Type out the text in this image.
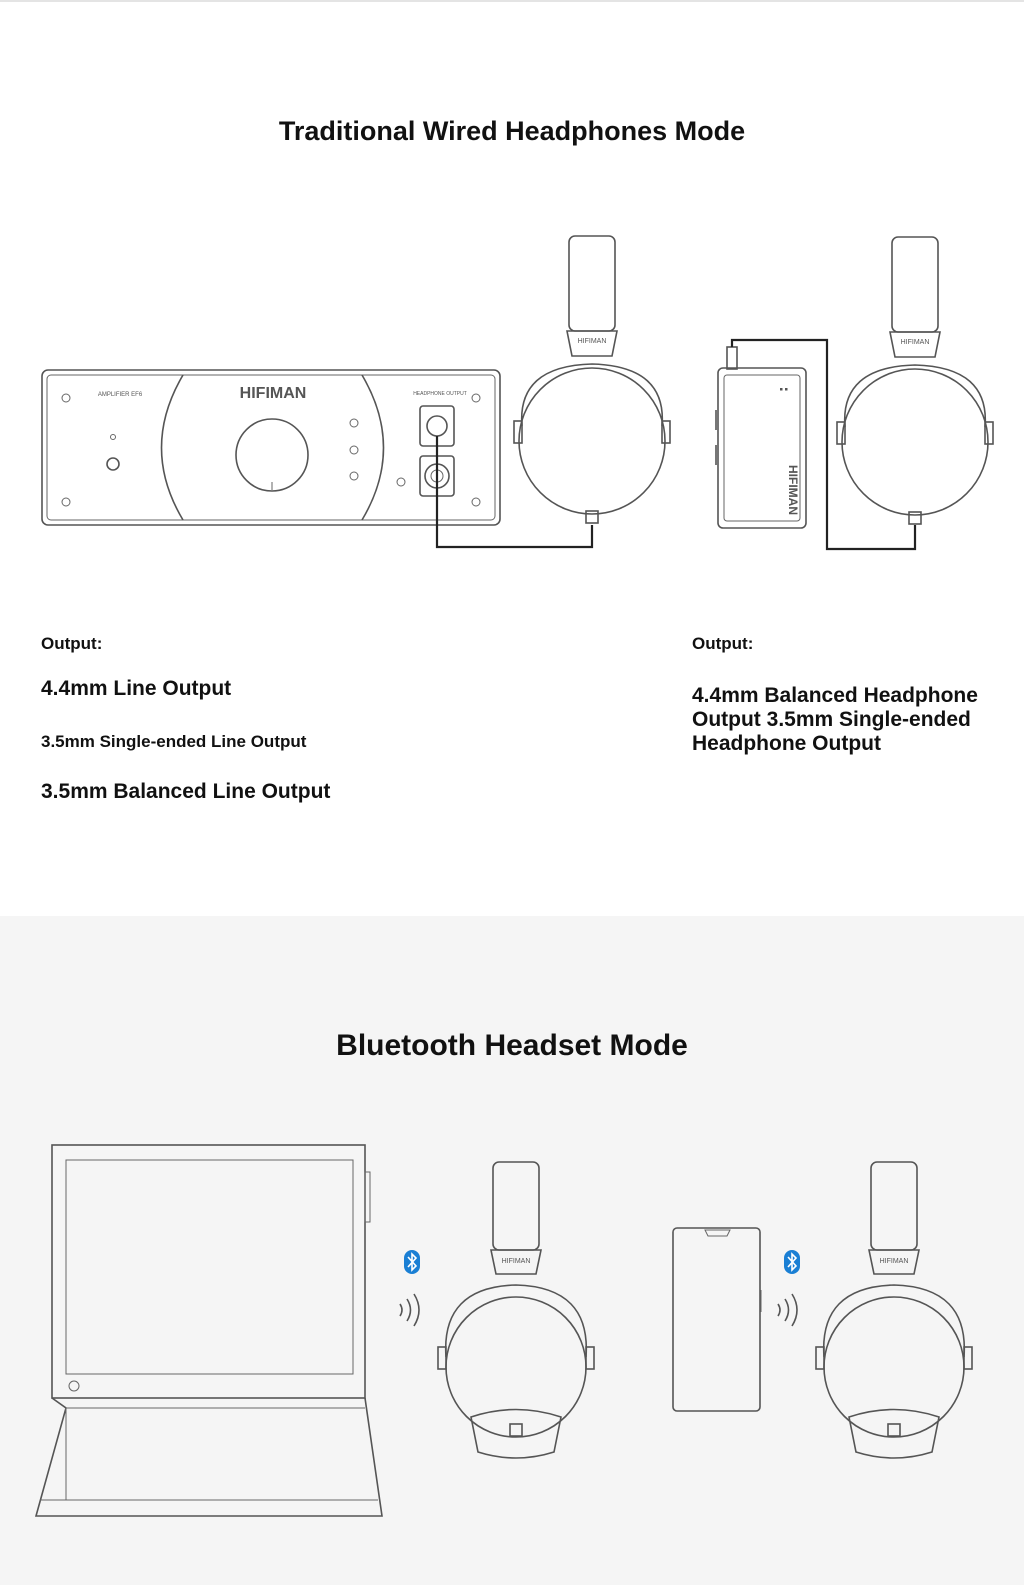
Traditional Wired Headphones Mode
HIFIMAN
AMPLIFIER EF6	HEADPHONE OUTPUT
HIFIMAN
HIFIMAN
HIFIMAN

Output:

4.4mm Line Output

3.5mm Single-ended Line Output

3.5mm Balanced Line Output

Output:

4.4mm Balanced Headphone Output 3.5mm Single-ended Headphone Output

Bluetooth Headset Mode
HIFIMAN	HIFIMAN
